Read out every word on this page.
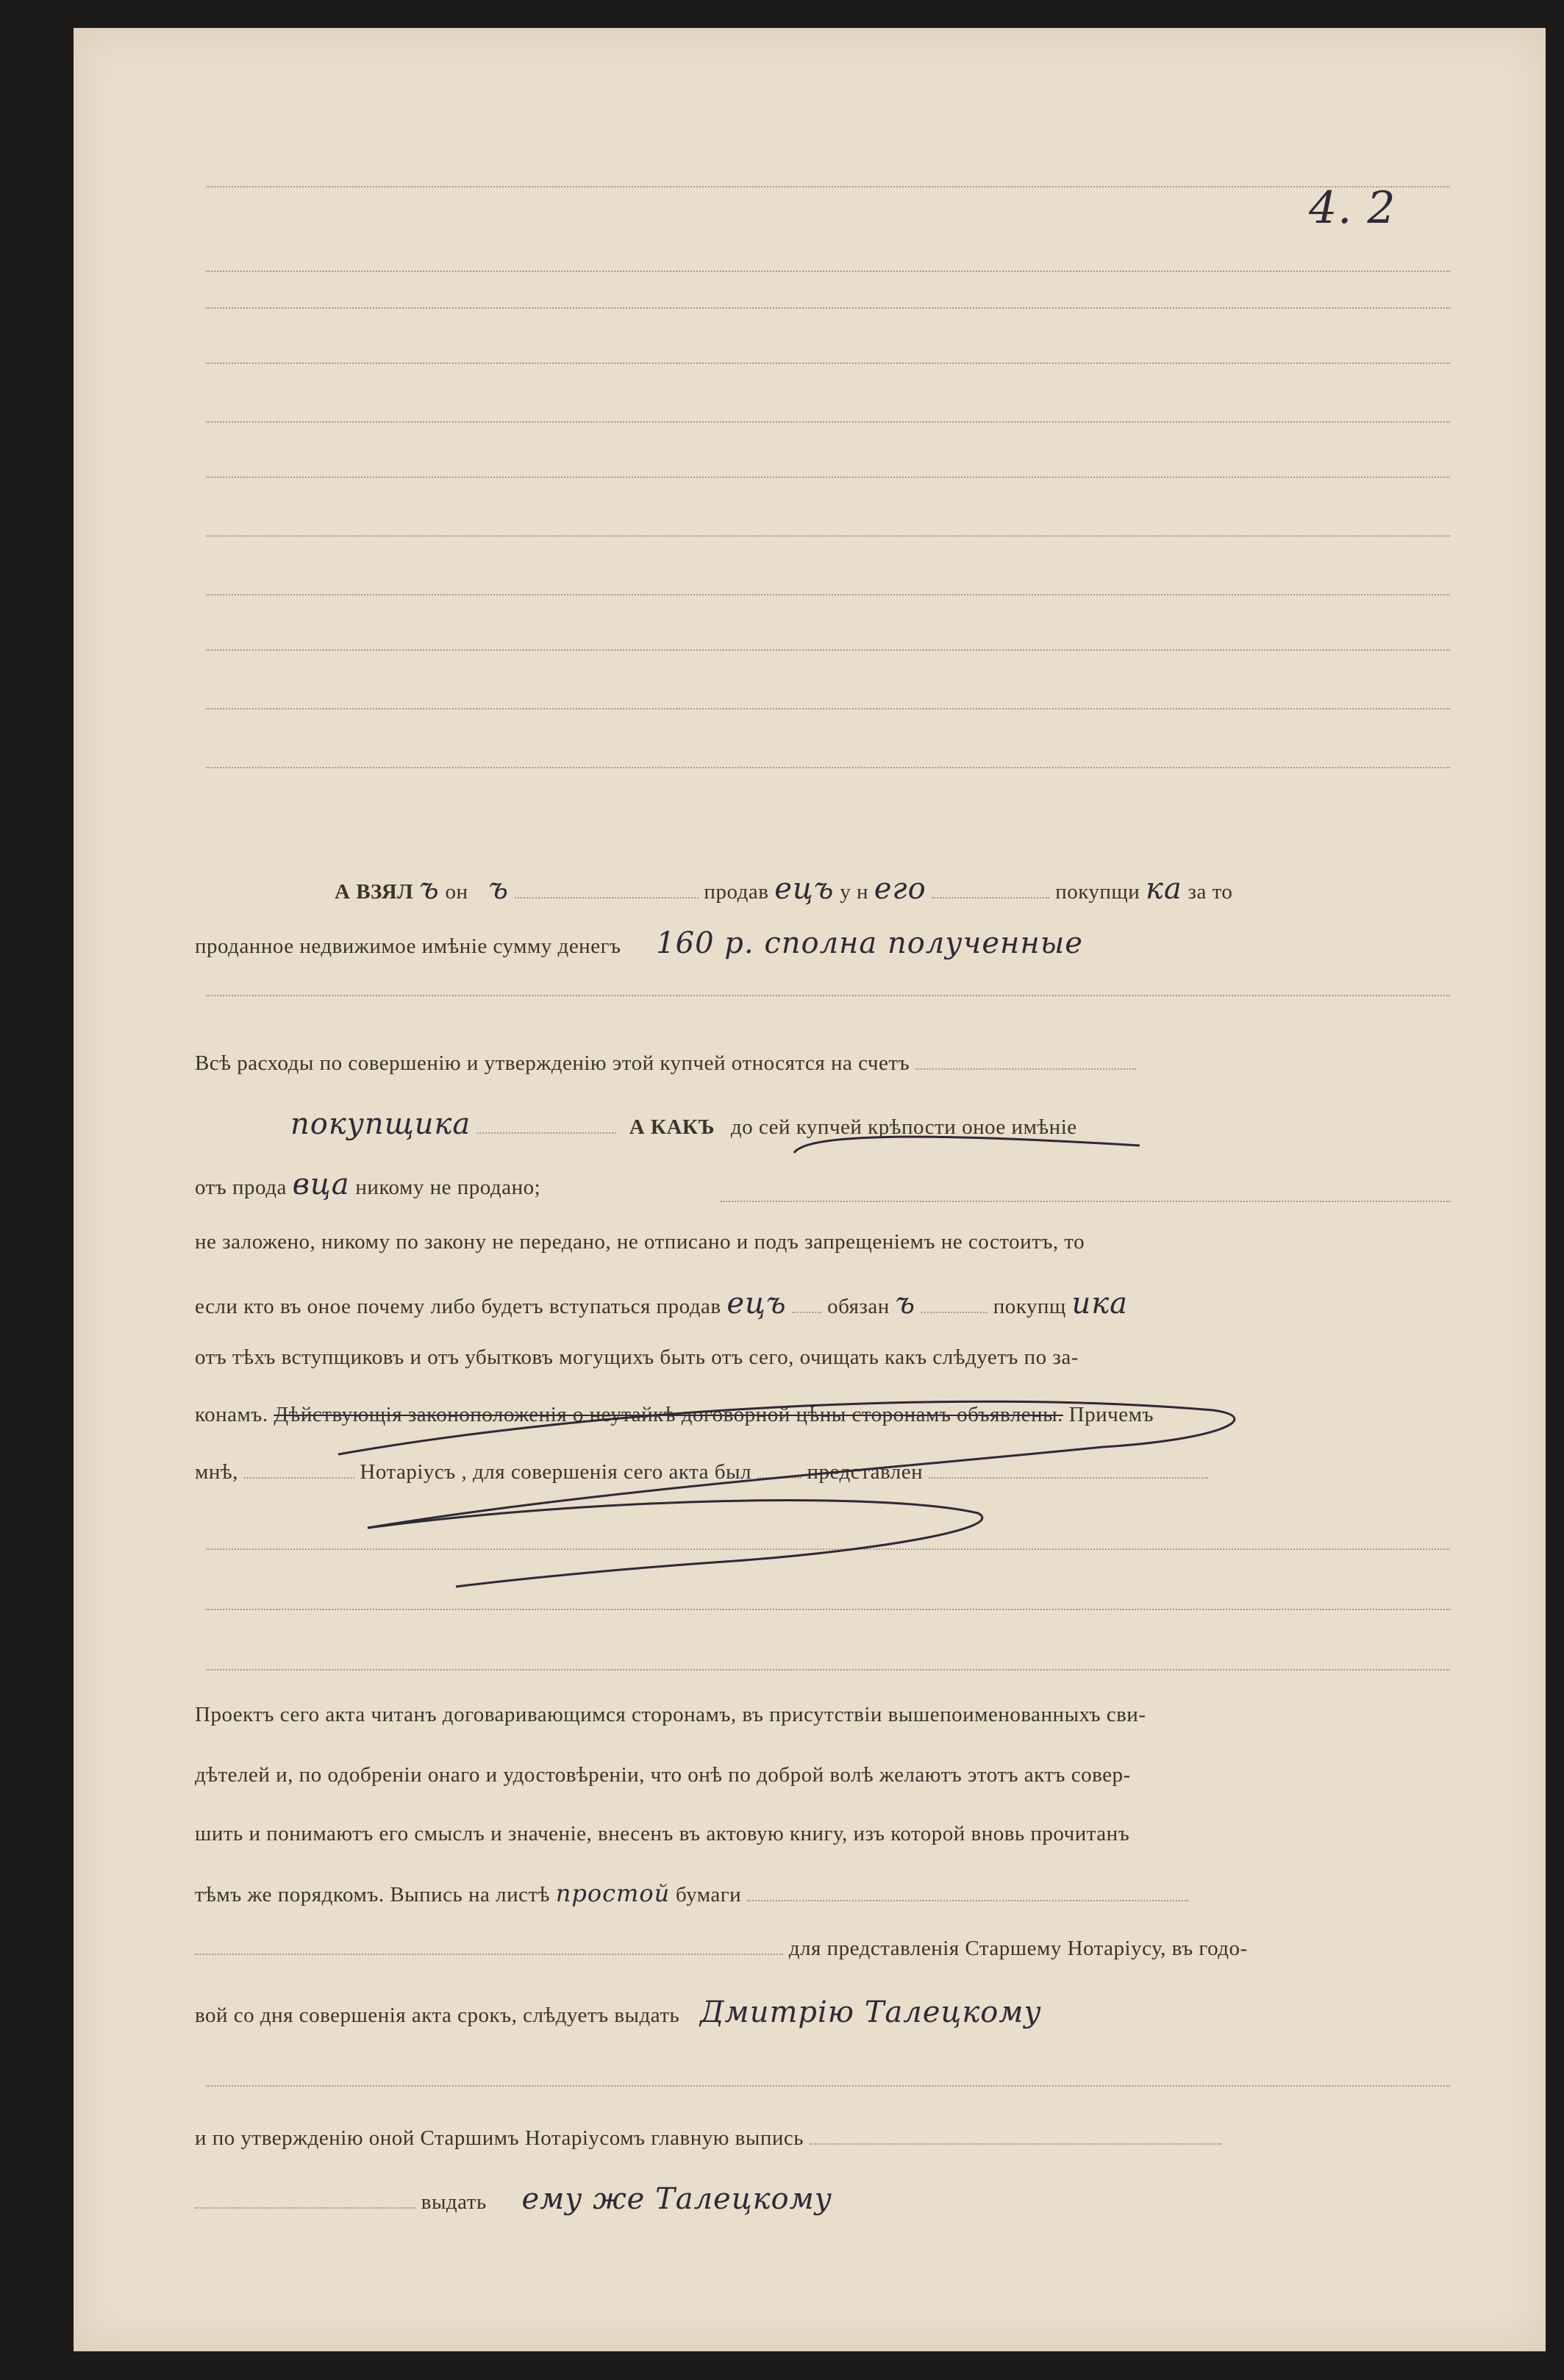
4. 2
А ВЗЯЛ ъ он ъ	продав ецъ у н его	покупщи ка за то
проданное недвижимое имѣніе сумму денегъ 160 р. сполна полученные
Всѣ расходы по совершенію и утвержденію этой купчей относятся на счетъ
покупщика	А КАКЪ до сей купчей крѣпости оное имѣніе
отъ прода вца никому не продано;
не заложено, никому по закону не передано, не отписано и подъ запрещеніемъ не состоитъ, то
если кто въ оное почему либо будетъ вступаться продав ецъ обязан ъ	покупщ ика
отъ тѣхъ вступщиковъ и отъ убытковъ могущихъ быть отъ сего, очищать какъ слѣдуетъ по за-
конамъ. Дѣйствующія законоположенія о неутайкѣ договорной цѣны сторонамъ объявлены. Причемъ
мнѣ,	Нотаріусъ , для совершенія сего акта был	представлен
Проектъ сего акта читанъ договаривающимся сторонамъ, въ присутствіи вышепоименованныхъ сви-
дѣтелей и, по одобреніи онаго и удостовѣреніи, что онѣ по доброй волѣ желаютъ этотъ актъ совер-
шить и понимаютъ его смыслъ и значеніе, внесенъ въ актовую книгу, изъ которой вновь прочитанъ
тѣмъ же порядкомъ. Выпись на листѣ простой бумаги
для представленія Старшему Нотаріусу, въ годо-
вой со дня совершенія акта срокъ, слѣдуетъ выдать Дмитрію Талецкому
и по утвержденію оной Старшимъ Нотаріусомъ главную выпись
выдать ему же Талецкому
